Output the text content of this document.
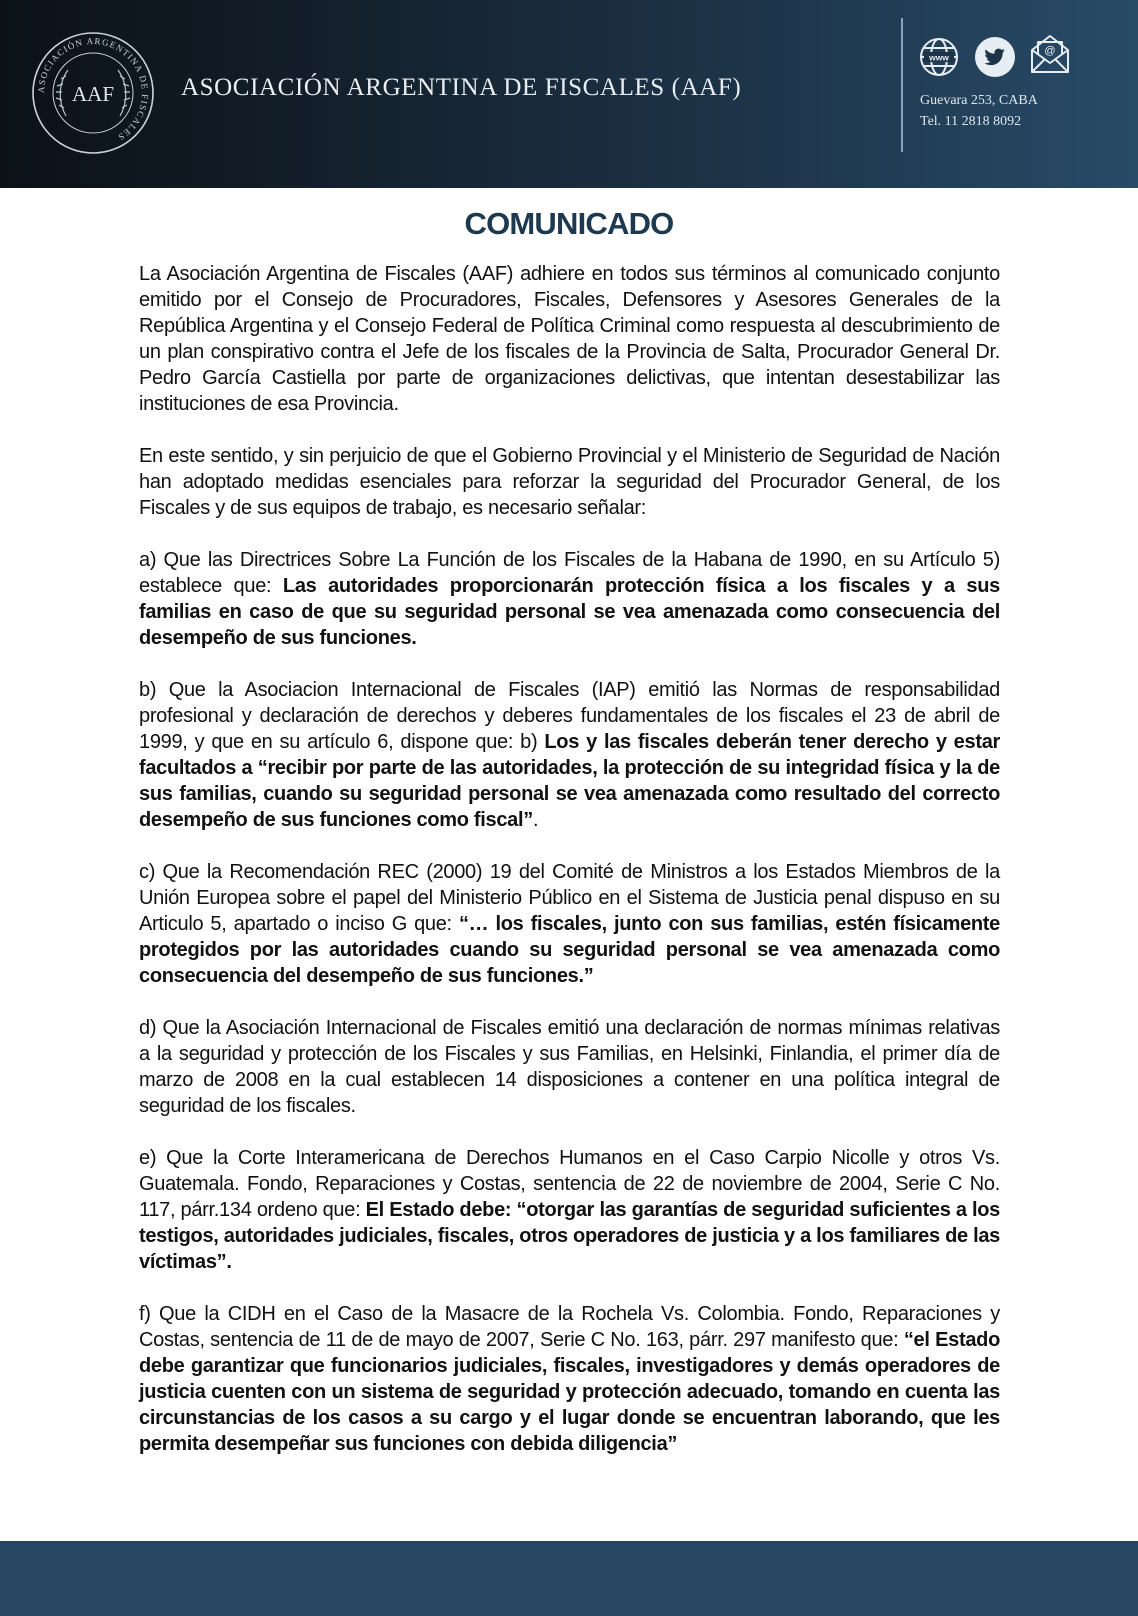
ASOCIACIÓN ARGENTINA DE FISCALES
AAF	ASOCIACIÓN ARGENTINA DE FISCALES (AAF)
www
@
Guevara 253, CABA
Tel. 11 2818 8092
COMUNICADO

La Asociación Argentina de Fiscales (AAF) adhiere en todos sus términos al comunicado conjunto emitido por el Consejo de Procuradores, Fiscales, Defensores y Asesores Generales de la República Argentina y el Consejo Federal de Política Criminal como respuesta al descubrimiento de un plan conspirativo contra el Jefe de los fiscales de la Provincia de Salta, Procurador General Dr. Pedro García Castiella por parte de organizaciones delictivas, que intentan desestabilizar las instituciones de esa Provincia.

En este sentido, y sin perjuicio de que el Gobierno Provincial y el Ministerio de Seguridad de Nación han adoptado medidas esenciales para reforzar la seguridad del Procurador General, de los Fiscales y de sus equipos de trabajo, es necesario señalar:

a) Que las Directrices Sobre La Función de los Fiscales de la Habana de 1990, en su Artículo 5) establece que: Las autoridades proporcionarán protección física a los fiscales y a sus familias en caso de que su seguridad personal se vea amenazada como consecuencia del desempeño de sus funciones.

b) Que la Asociacion Internacional de Fiscales (IAP) emitió las Normas de responsabilidad profesional y declaración de derechos y deberes fundamentales de los fiscales el 23 de abril de 1999, y que en su artículo 6, dispone que: b) Los y las fiscales deberán tener derecho y estar facultados a “recibir por parte de las autoridades, la protección de su integridad física y la de sus familias, cuando su seguridad personal se vea amenazada como resultado del correcto desempeño de sus funciones como fiscal”.

c) Que la Recomendación REC (2000) 19 del Comité de Ministros a los Estados Miembros de la Unión Europea sobre el papel del Ministerio Público en el Sistema de Justicia penal dispuso en su Articulo 5, apartado o inciso G que: “… los fiscales, junto con sus familias, estén físicamente protegidos por las autoridades cuando su seguridad personal se vea amenazada como consecuencia del desempeño de sus funciones.”

d) Que la Asociación Internacional de Fiscales emitió una declaración de normas mínimas relativas a la seguridad y protección de los Fiscales y sus Familias, en Helsinki, Finlandia, el primer día de marzo de 2008 en la cual establecen 14 disposiciones a contener en una política integral de seguridad de los fiscales.

e) Que la Corte Interamericana de Derechos Humanos en el Caso Carpio Nicolle y otros Vs. Guatemala. Fondo, Reparaciones y Costas, sentencia de 22 de noviembre de 2004, Serie C No. 117, párr.134 ordeno que: El Estado debe: “otorgar las garantías de seguridad suficientes a los testigos, autoridades judiciales, fiscales, otros operadores de justicia y a los familiares de las víctimas”.

f) Que la CIDH en el Caso de la Masacre de la Rochela Vs. Colombia. Fondo, Reparaciones y Costas, sentencia de 11 de de mayo de 2007, Serie C No. 163, párr. 297 manifesto que: “el Estado debe garantizar que funcionarios judiciales, fiscales, investigadores y demás operadores de justicia cuenten con un sistema de seguridad y protección adecuado, tomando en cuenta las circunstancias de los casos a su cargo y el lugar donde se encuentran laborando, que les permita desempeñar sus funciones con debida diligencia”
